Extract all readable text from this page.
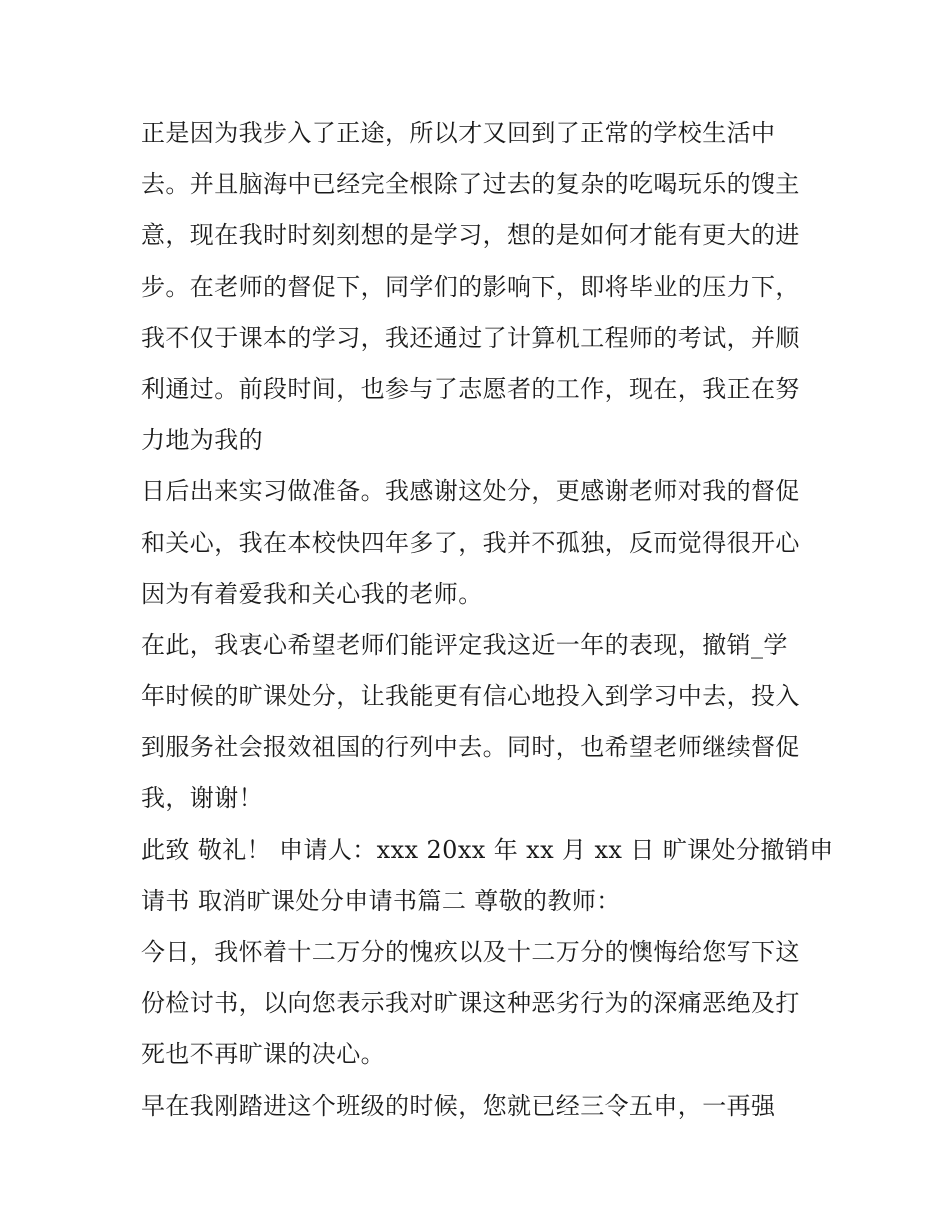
正是因为我步入了正途，所以才又回到了正常的学校生活中
去。并且脑海中已经完全根除了过去的复杂的吃喝玩乐的馊主
意，现在我时时刻刻想的是学习，想的是如何才能有更大的进
步。在老师的督促下，同学们的影响下，即将毕业的压力下，
我不仅于课本的学习，我还通过了计算机工程师的考试，并顺
利通过。前段时间，也参与了志愿者的工作，现在，我正在努
力地为我的
日后出来实习做准备。我感谢这处分，更感谢老师对我的督促
和关心，我在本校快四年多了，我并不孤独，反而觉得很开心
因为有着爱我和关心我的老师。
在此，我衷心希望老师们能评定我这近一年的表现，撤销_学
年时候的旷课处分，让我能更有信心地投入到学习中去，投入
到服务社会报效祖国的行列中去。同时，也希望老师继续督促
我，谢谢！
此致 敬礼！ 申请人：xxx 20xx 年 xx 月 xx 日 旷课处分撤销申
请书 取消旷课处分申请书篇二 尊敬的教师：
今日，我怀着十二万分的愧疚以及十二万分的懊悔给您写下这
份检讨书，以向您表示我对旷课这种恶劣行为的深痛恶绝及打
死也不再旷课的决心。
早在我刚踏进这个班级的时候，您就已经三令五申，一再强
